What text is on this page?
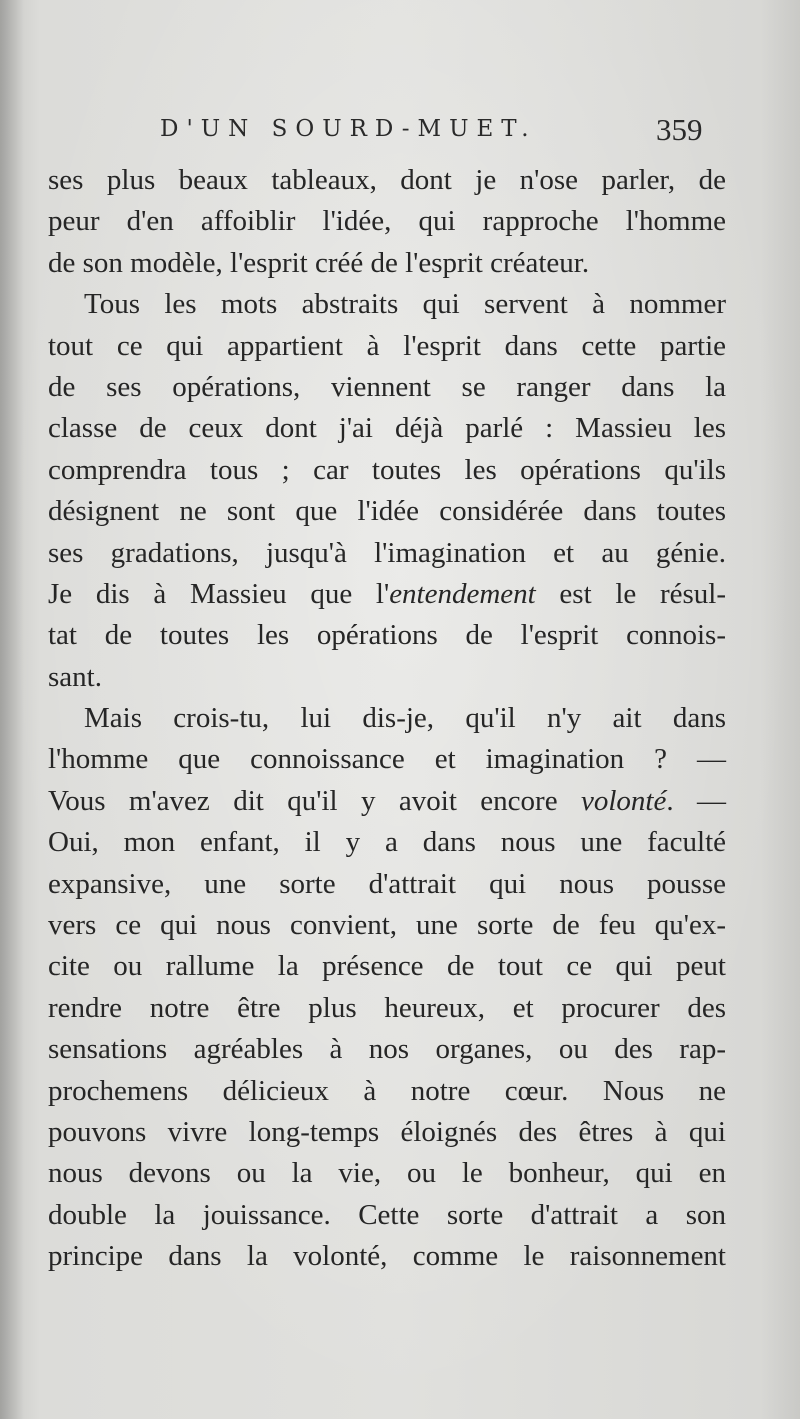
D'UN SOURD-MUET.	359
ses plus beaux tableaux, dont je n'ose parler, de
peur d'en affoiblir l'idée, qui rapproche l'homme
de son modèle, l'esprit créé de l'esprit créateur.
Tous les mots abstraits qui servent à nommer
tout ce qui appartient à l'esprit dans cette partie
de ses opérations, viennent se ranger dans la
classe de ceux dont j'ai déjà parlé : Massieu les
comprendra tous ; car toutes les opérations qu'ils
désignent ne sont que l'idée considérée dans toutes
ses gradations, jusqu'à l'imagination et au génie.
Je dis à Massieu que l'entendement est le résul-
tat de toutes les opérations de l'esprit connois-
sant.
Mais crois-tu, lui dis-je, qu'il n'y ait dans
l'homme que connoissance et imagination ? —
Vous m'avez dit qu'il y avoit encore volonté. —
Oui, mon enfant, il y a dans nous une faculté
expansive, une sorte d'attrait qui nous pousse
vers ce qui nous convient, une sorte de feu qu'ex-
cite ou rallume la présence de tout ce qui peut
rendre notre être plus heureux, et procurer des
sensations agréables à nos organes, ou des rap-
prochemens délicieux à notre cœur. Nous ne
pouvons vivre long-temps éloignés des êtres à qui
nous devons ou la vie, ou le bonheur, qui en
double la jouissance. Cette sorte d'attrait a son
principe dans la volonté, comme le raisonnement
